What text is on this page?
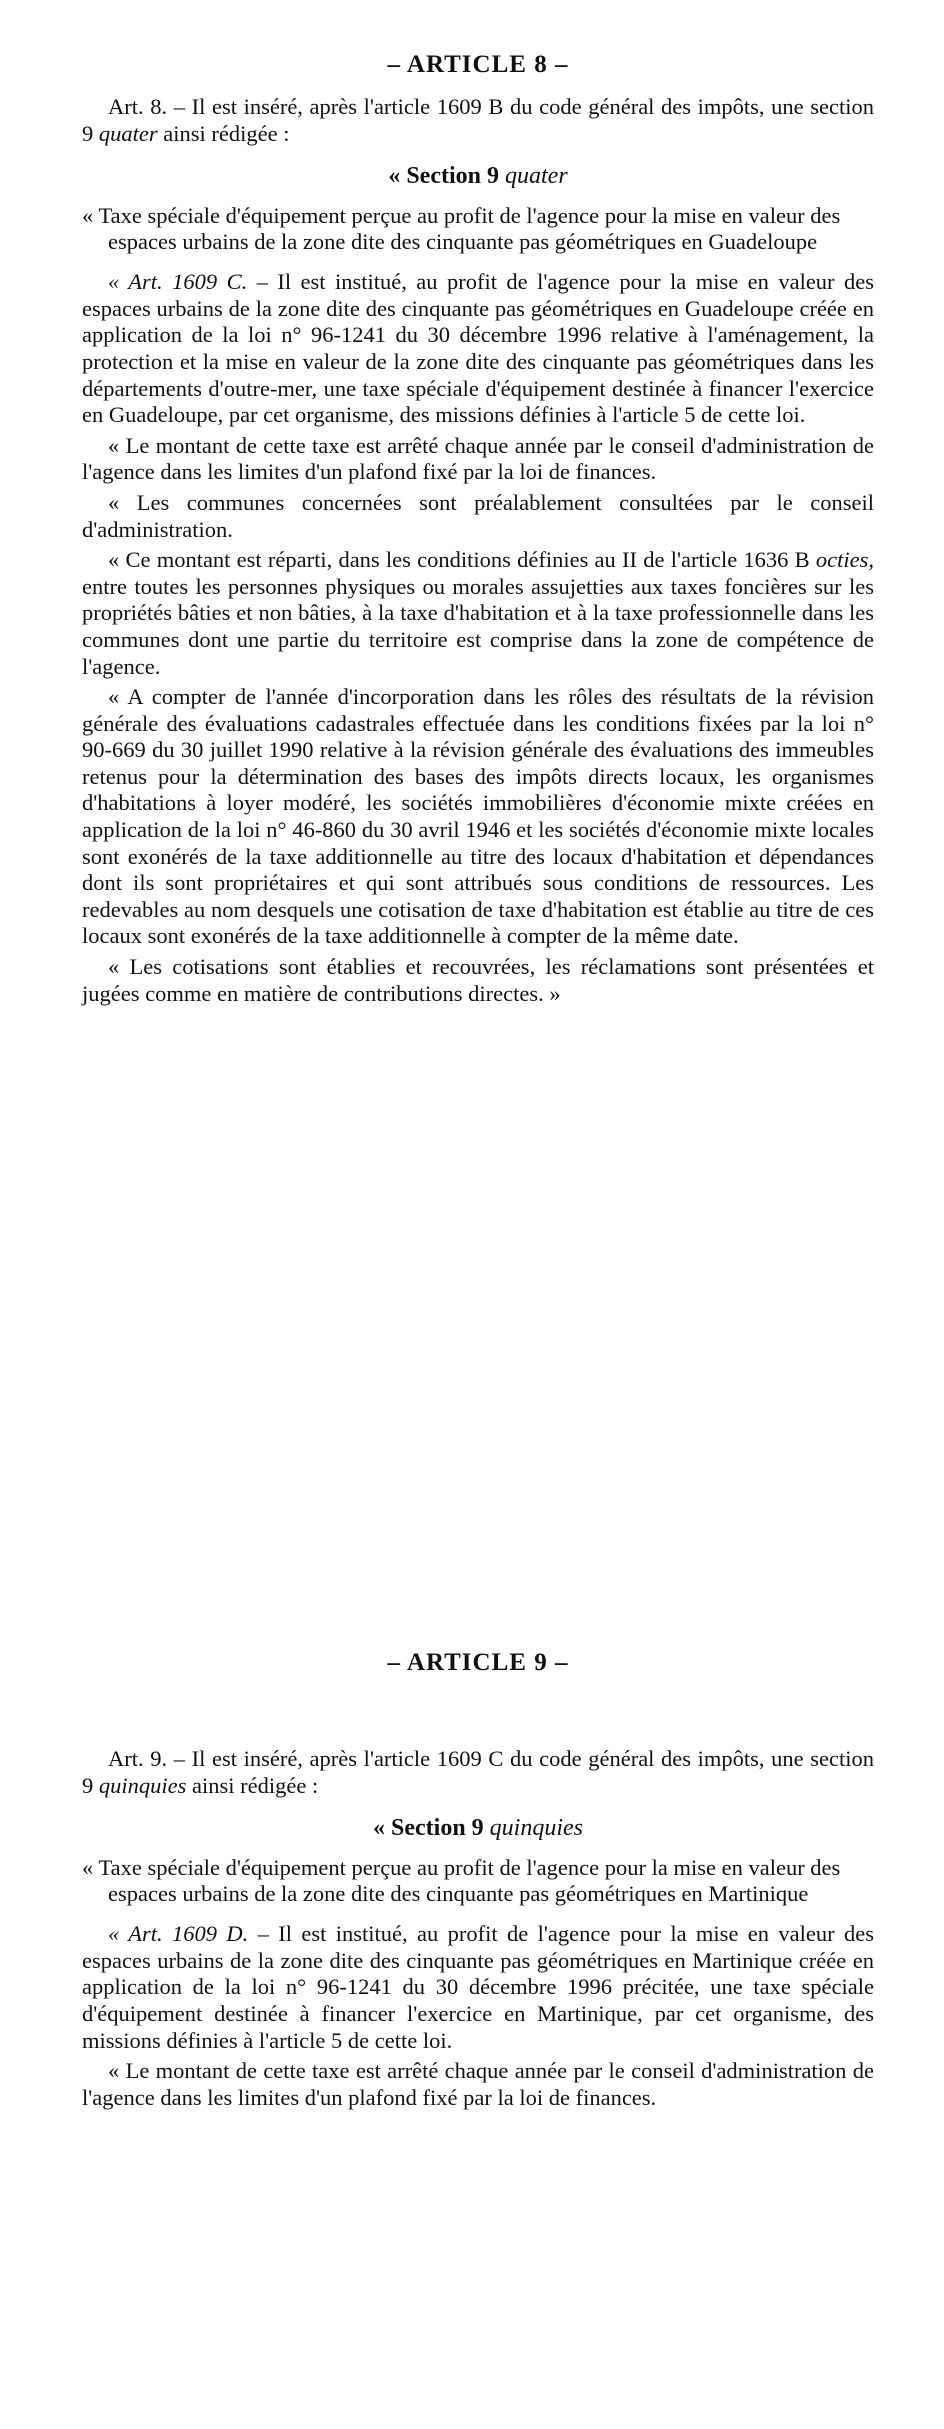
– ARTICLE 8 –

Art. 8. – Il est inséré, après l'article 1609 B du code général des impôts, une section 9 quater ainsi rédigée :

« Section 9 quater

« Taxe spéciale d'équipement perçue au profit de l'agence pour la mise en valeur des espaces urbains de la zone dite des cinquante pas géométriques en Guadeloupe

« Art. 1609 C. – Il est institué, au profit de l'agence pour la mise en valeur des espaces urbains de la zone dite des cinquante pas géométriques en Guadeloupe créée en application de la loi n° 96-1241 du 30 décembre 1996 relative à l'aménagement, la protection et la mise en valeur de la zone dite des cinquante pas géométriques dans les départements d'outre-mer, une taxe spéciale d'équipement destinée à financer l'exercice en Guadeloupe, par cet organisme, des missions définies à l'article 5 de cette loi.

« Le montant de cette taxe est arrêté chaque année par le conseil d'administration de l'agence dans les limites d'un plafond fixé par la loi de finances.

« Les communes concernées sont préalablement consultées par le conseil d'administration.

« Ce montant est réparti, dans les conditions définies au II de l'article 1636 B octies, entre toutes les personnes physiques ou morales assujetties aux taxes foncières sur les propriétés bâties et non bâties, à la taxe d'habitation et à la taxe professionnelle dans les communes dont une partie du territoire est comprise dans la zone de compétence de l'agence.

« A compter de l'année d'incorporation dans les rôles des résultats de la révision générale des évaluations cadastrales effectuée dans les conditions fixées par la loi n° 90-669 du 30 juillet 1990 relative à la révision générale des évaluations des immeubles retenus pour la détermination des bases des impôts directs locaux, les organismes d'habitations à loyer modéré, les sociétés immobilières d'économie mixte créées en application de la loi n° 46-860 du 30 avril 1946 et les sociétés d'économie mixte locales sont exonérés de la taxe additionnelle au titre des locaux d'habitation et dépendances dont ils sont propriétaires et qui sont attribués sous conditions de ressources. Les redevables au nom desquels une cotisation de taxe d'habitation est établie au titre de ces locaux sont exonérés de la taxe additionnelle à compter de la même date.

« Les cotisations sont établies et recouvrées, les réclamations sont présentées et jugées comme en matière de contributions directes. »

– ARTICLE 9 –

Art. 9. – Il est inséré, après l'article 1609 C du code général des impôts, une section 9 quinquies ainsi rédigée :

« Section 9 quinquies

« Taxe spéciale d'équipement perçue au profit de l'agence pour la mise en valeur des espaces urbains de la zone dite des cinquante pas géométriques en Martinique

« Art. 1609 D. – Il est institué, au profit de l'agence pour la mise en valeur des espaces urbains de la zone dite des cinquante pas géométriques en Martinique créée en application de la loi n° 96-1241 du 30 décembre 1996 précitée, une taxe spéciale d'équipement destinée à financer l'exercice en Martinique, par cet organisme, des missions définies à l'article 5 de cette loi.

« Le montant de cette taxe est arrêté chaque année par le conseil d'administration de l'agence dans les limites d'un plafond fixé par la loi de finances.
